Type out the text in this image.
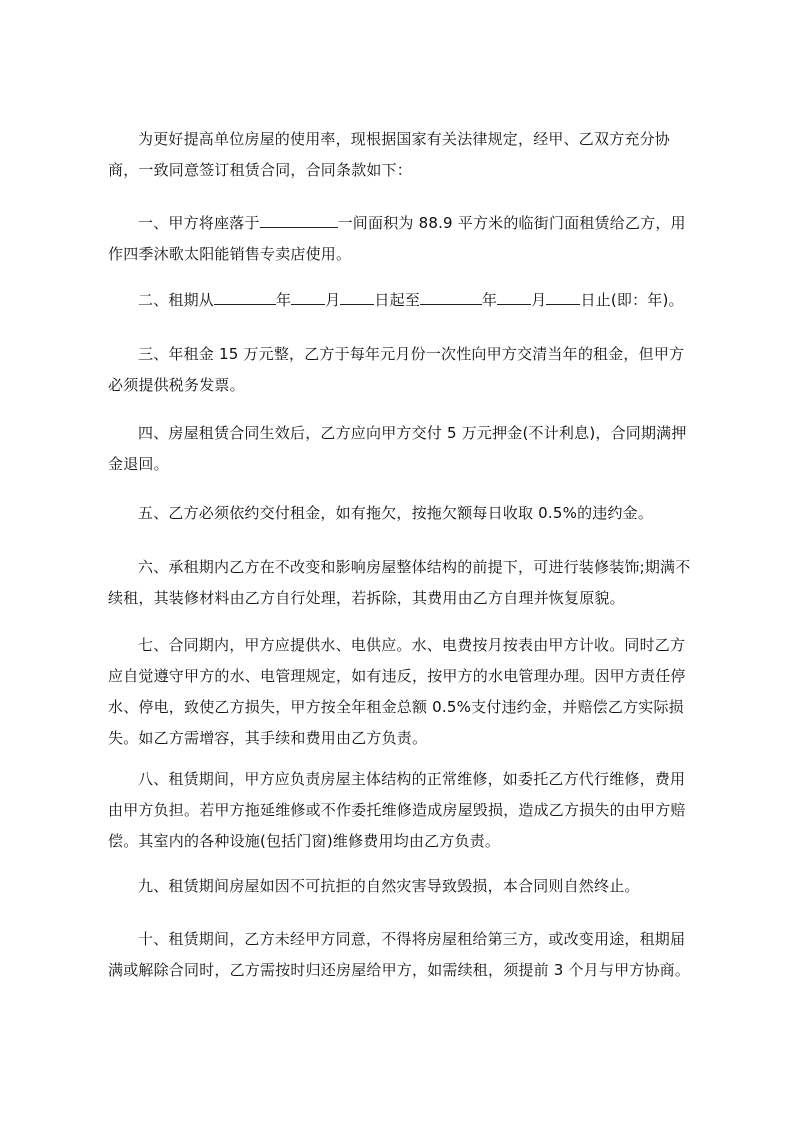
为更好提高单位房屋的使用率，现根据国家有关法律规定，经甲、乙双方充分协商，一致同意签订租赁合同，合同条款如下：

一、甲方将座落于	一间面积为 88.9 平方米的临街门面租赁给乙方，用作四季沐歌太阳能销售专卖店使用。

二、租期从	年 月 日起至	年 月 日止(即：年)。

三、年租金 15 万元整，乙方于每年元月份一次性向甲方交清当年的租金，但甲方必须提供税务发票。

四、房屋租赁合同生效后，乙方应向甲方交付 5 万元押金(不计利息)，合同期满押金退回。

五、乙方必须依约交付租金，如有拖欠，按拖欠额每日收取 0.5%的违约金。

六、承租期内乙方在不改变和影响房屋整体结构的前提下，可进行装修装饰;期满不续租，其装修材料由乙方自行处理，若拆除，其费用由乙方自理并恢复原貌。

七、合同期内，甲方应提供水、电供应。水、电费按月按表由甲方计收。同时乙方应自觉遵守甲方的水、电管理规定，如有违反，按甲方的水电管理办理。因甲方责任停水、停电，致使乙方损失，甲方按全年租金总额 0.5%支付违约金，并赔偿乙方实际损失。如乙方需增容，其手续和费用由乙方负责。

八、租赁期间，甲方应负责房屋主体结构的正常维修，如委托乙方代行维修，费用由甲方负担。若甲方拖延维修或不作委托维修造成房屋毁损，造成乙方损失的由甲方赔偿。其室内的各种设施(包括门窗)维修费用均由乙方负责。

九、租赁期间房屋如因不可抗拒的自然灾害导致毁损，本合同则自然终止。

十、租赁期间，乙方未经甲方同意，不得将房屋租给第三方，或改变用途，租期届满或解除合同时，乙方需按时归还房屋给甲方，如需续租，须提前 3 个月与甲方协商。
